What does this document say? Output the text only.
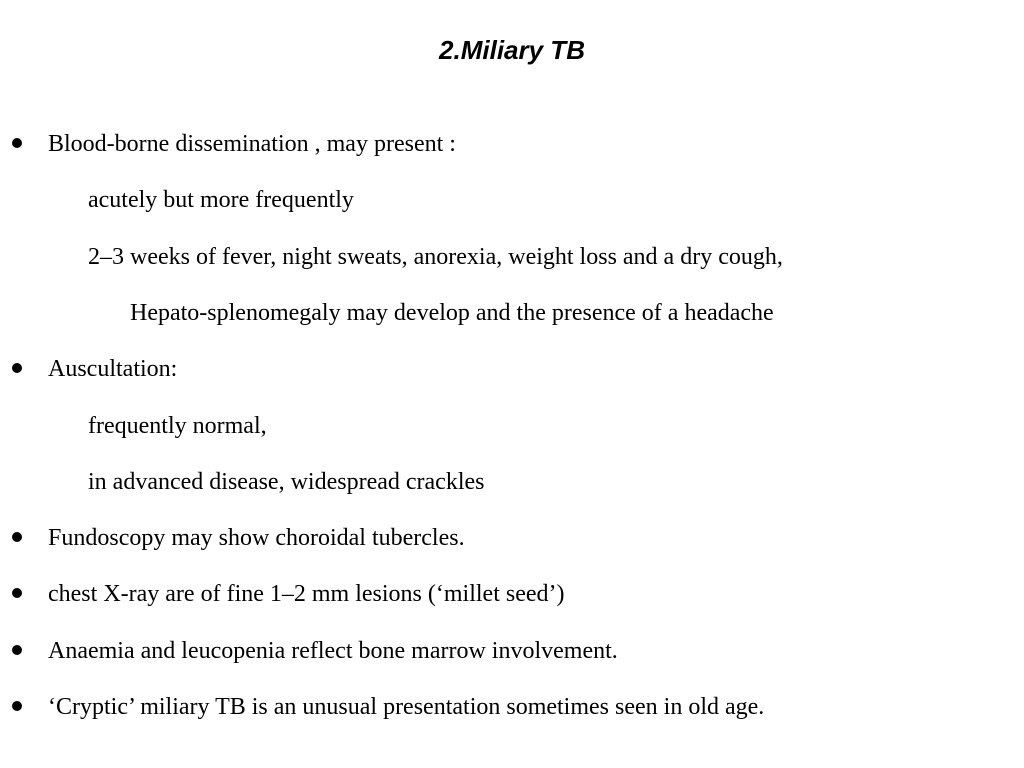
2.Miliary TB
Blood-borne dissemination , may present :
acutely but more frequently
2–3 weeks of fever, night sweats, anorexia, weight loss and a dry cough,
Hepato-splenomegaly may develop and the presence of a headache
Auscultation:
frequently normal,
in advanced disease, widespread crackles
Fundoscopy may show choroidal tubercles.
chest X-ray are of fine 1–2 mm lesions (‘millet seed’)
Anaemia and leucopenia reflect bone marrow involvement.
‘Cryptic’ miliary TB is an unusual presentation sometimes seen in old age.
